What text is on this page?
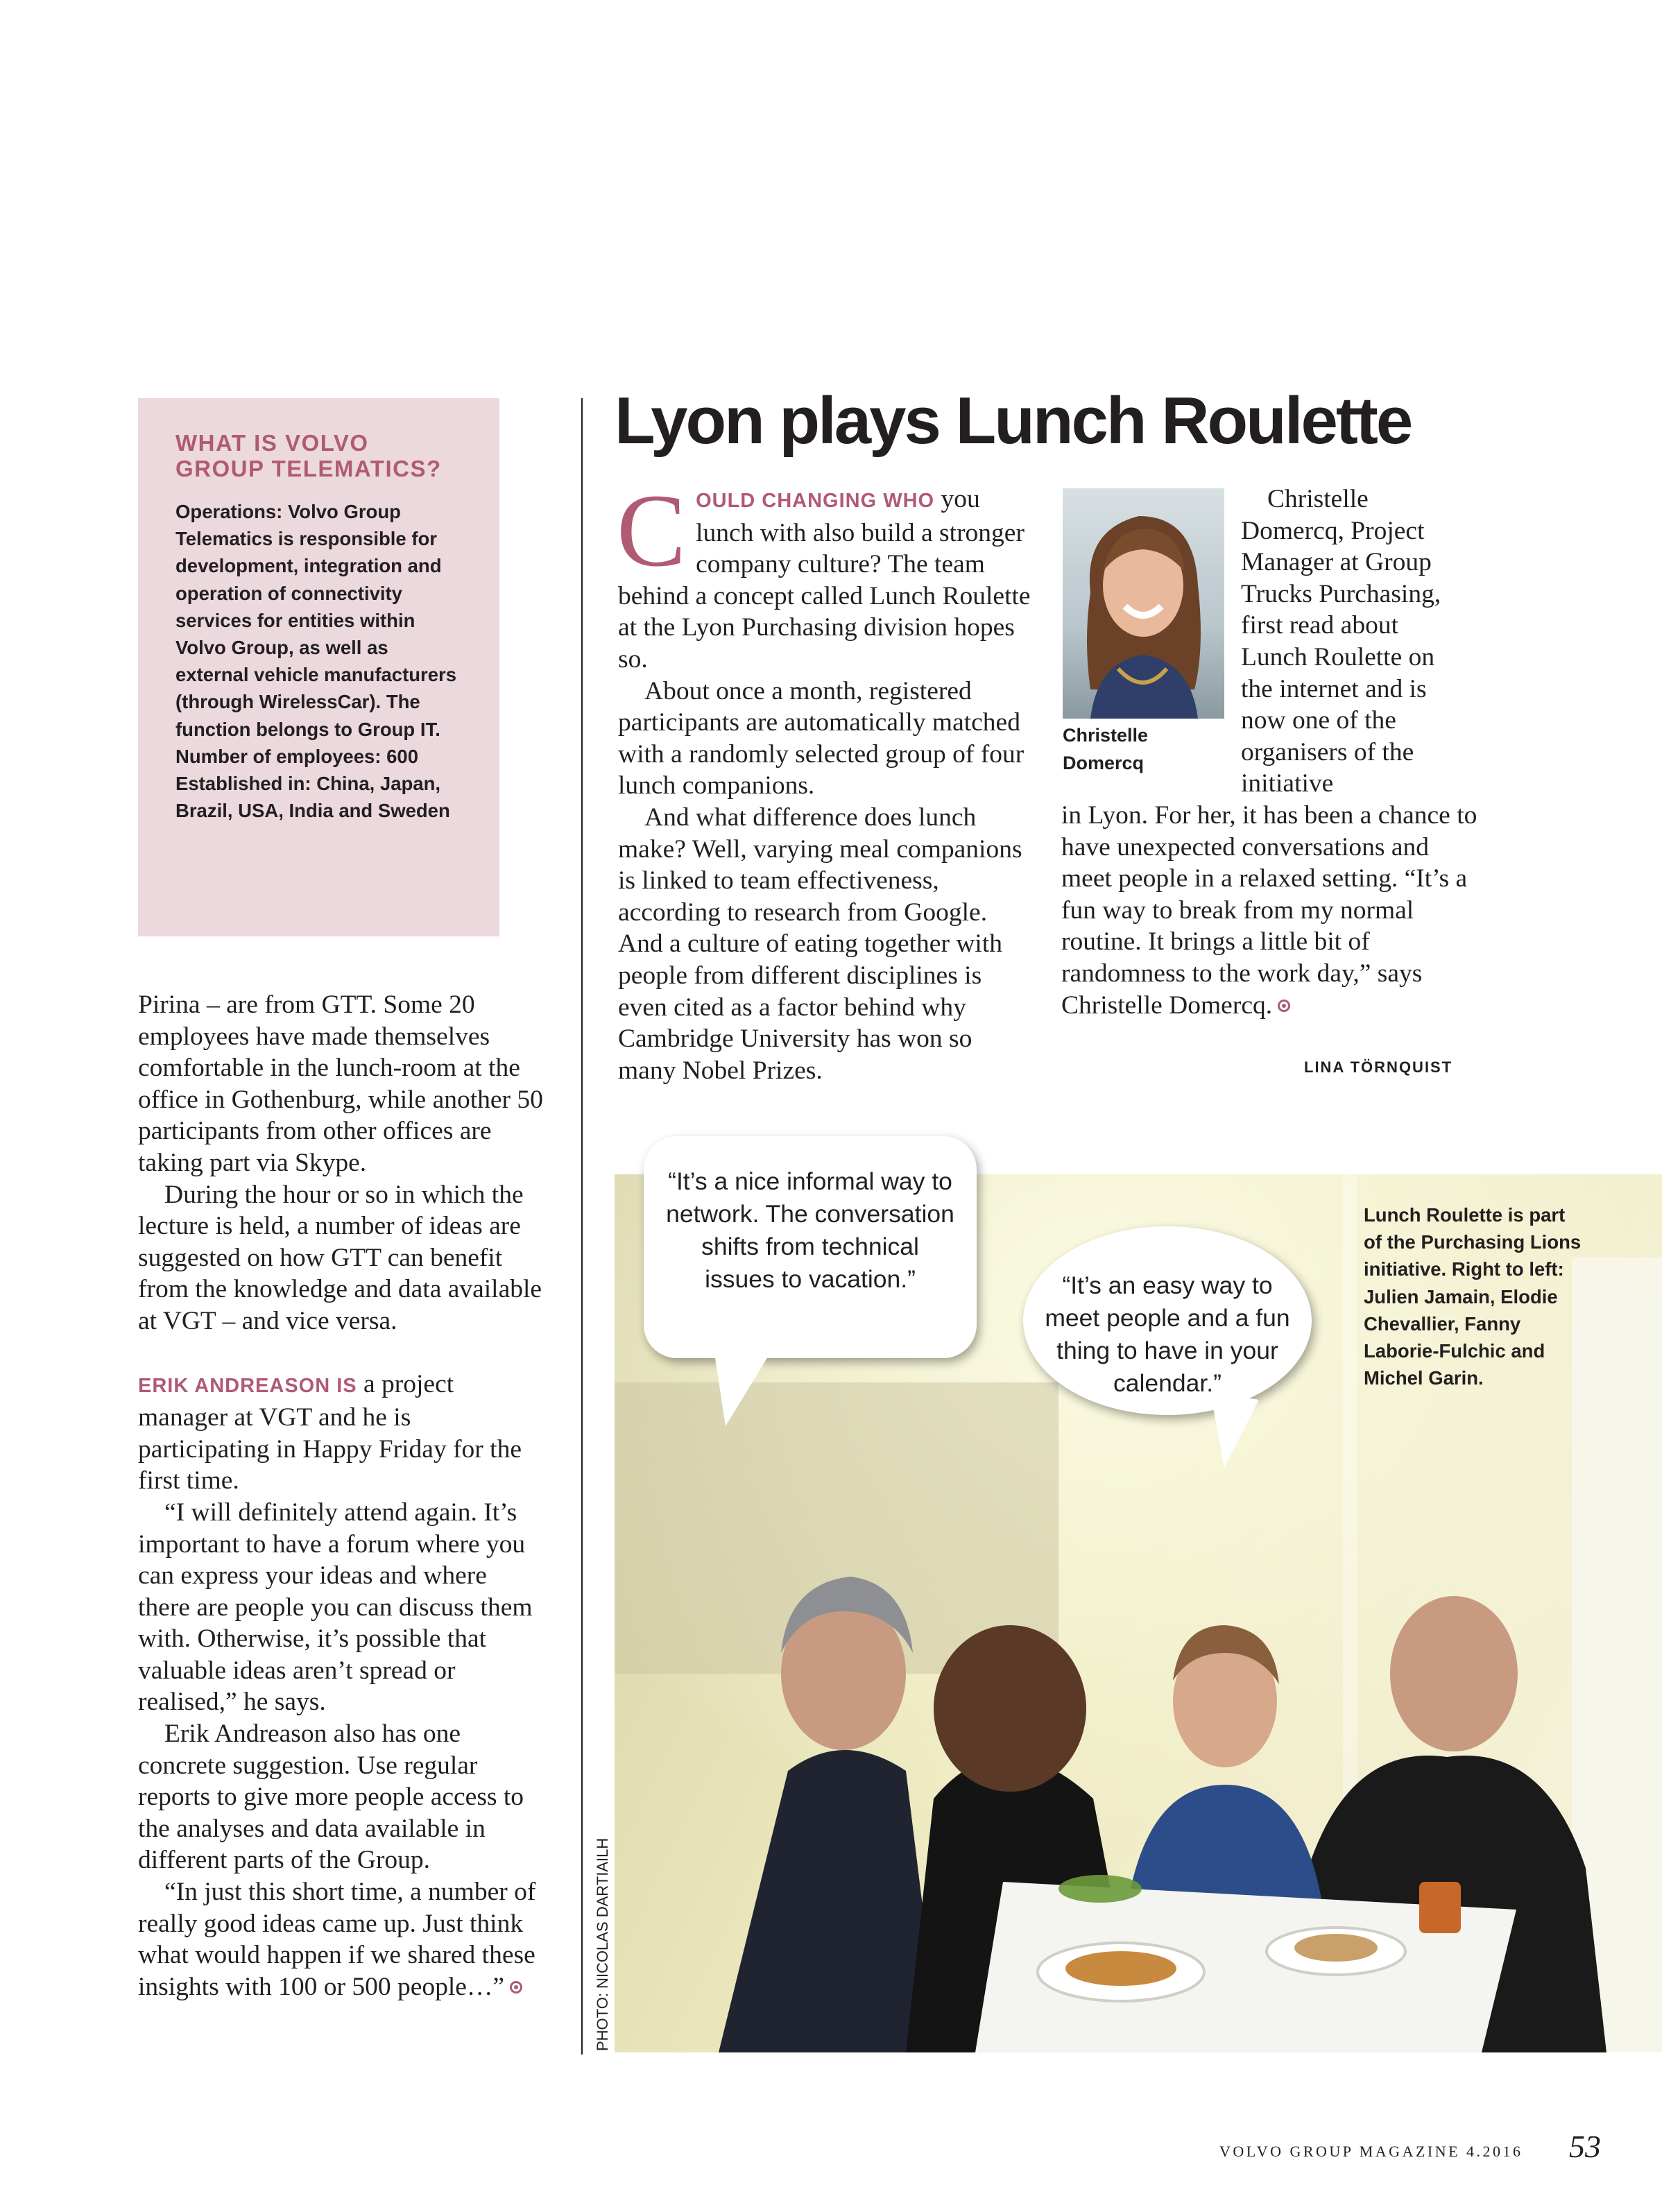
WHAT IS VOLVO GROUP TELEMATICS?
Operations: Volvo Group Telematics is responsible for development, integration and operation of connectivity services for entities within Volvo Group, as well as external vehicle manufacturers (through WirelessCar). The function belongs to Group IT.
Number of employees: 600
Established in: China, Japan, Brazil, USA, India and Sweden

Pirina – are from GTT. Some 20 employees have made themselves comfortable in the lunch-room at the office in Gothenburg, while another 50 participants from other offices are taking part via Skype.

During the hour or so in which the lecture is held, a number of ideas are suggested on how GTT can benefit from the knowledge and data available at VGT – and vice versa.

ERIK ANDREASON IS a project manager at VGT and he is participating in Happy Friday for the first time.

“I will definitely attend again. It’s important to have a forum where you can express your ideas and where there are people you can discuss them with. Otherwise, it’s possible that valuable ideas aren’t spread or realised,” he says.

Erik Andreason also has one concrete suggestion. Use regular reports to give more people access to the analyses and data available in different parts of the Group.

“In just this short time, a number of really good ideas came up. Just think what would happen if we shared these insights with 100 or 500 people…”

Lyon plays Lunch Roulette

COULD CHANGING WHO you lunch with also build a stronger company culture? The team behind a concept called Lunch Roulette at the Lyon Purchasing division hopes so.

About once a month, registered participants are automatically matched with a randomly selected group of four lunch companions.

And what difference does lunch make? Well, varying meal companions is linked to team effectiveness, according to research from Google. And a culture of eating together with people from different disciplines is even cited as a factor behind why Cambridge University has won so many Nobel Prizes.

Christelle Domercq

Christelle Domercq, Project Manager at Group Trucks Purchasing, first read about Lunch Roulette on the internet and is now one of the organisers of the initiative

in Lyon. For her, it has been a chance to have unexpected conversations and meet people in a relaxed setting. “It’s a fun way to break from my normal routine. It brings a little bit of randomness to the work day,” says Christelle Domercq.

LINA TÖRNQUIST
PHOTO: NICOLAS DARTIAILH
“It’s a nice informal way to network. The conversation shifts from technical issues to vacation.”	“It’s an easy way to meet people and a fun thing to have in your calendar.”
Lunch Roulette is part of the Purchasing Lions initiative. Right to left: Julien Jamain, Elodie Chevallier, Fanny Laborie-Fulchic and Michel Garin.
VOLVO GROUP MAGAZINE 4.2016 53
